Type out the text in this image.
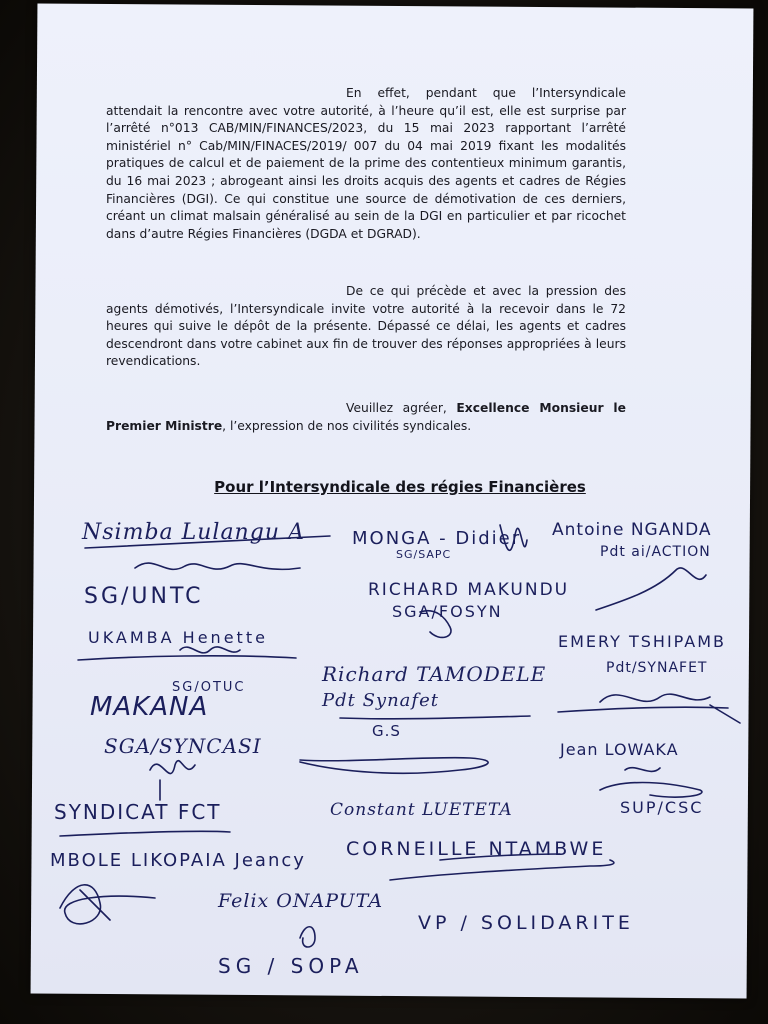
En effet, pendant que l’Intersyndicale attendait la rencontre avec votre autorité, à l’heure qu’il est, elle est surprise par l’arrêté n°013 CAB/MIN/FINANCES/2023, du 15 mai 2023 rapportant l’arrêté ministériel n° Cab/MIN/FINACES/2019/ 007 du 04 mai 2019 fixant les modalités pratiques de calcul et de paiement de la prime des contentieux minimum garantis, du 16 mai 2023 ; abrogeant ainsi les droits acquis des agents et cadres de Régies Financières (DGI). Ce qui constitue une source de démotivation de ces derniers, créant un climat malsain généralisé au sein de la DGI en particulier et par ricochet dans d’autre Régies Financières (DGDA et DGRAD).

De ce qui précède et avec la pression des agents démotivés, l’Intersyndicale invite votre autorité à la recevoir dans le 72 heures qui suive le dépôt de la présente. Dépassé ce délai, les agents et cadres descendront dans votre cabinet aux fin de trouver des réponses appropriées à leurs revendications.

Veuillez agréer, Excellence Monsieur le Premier Ministre, l’expression de nos civilités syndicales.

Pour l’Intersyndicale des régies Financières
Nsimba Lulangu A
SG/UNTC
UKAMBA Henette
SG/OTUC
MAKANA
SGA/SYNCASI
SYNDICAT FCT
MBOLE LIKOPAIA Jeancy
SG / SOPA
MONGA - Didier
SG/SAPC
RICHARD MAKUNDU
SGA/FOSYN
Richard TAMODELE
Pdt Synafet
G.S
Constant LUETETA
CORNEILLE NTAMBWE
Felix ONAPUTA
VP / SOLIDARITE
Antoine NGANDA
Pdt ai/ACTION
EMERY TSHIPAMB
Pdt/SYNAFET
Jean LOWAKA
SUP/CSC
